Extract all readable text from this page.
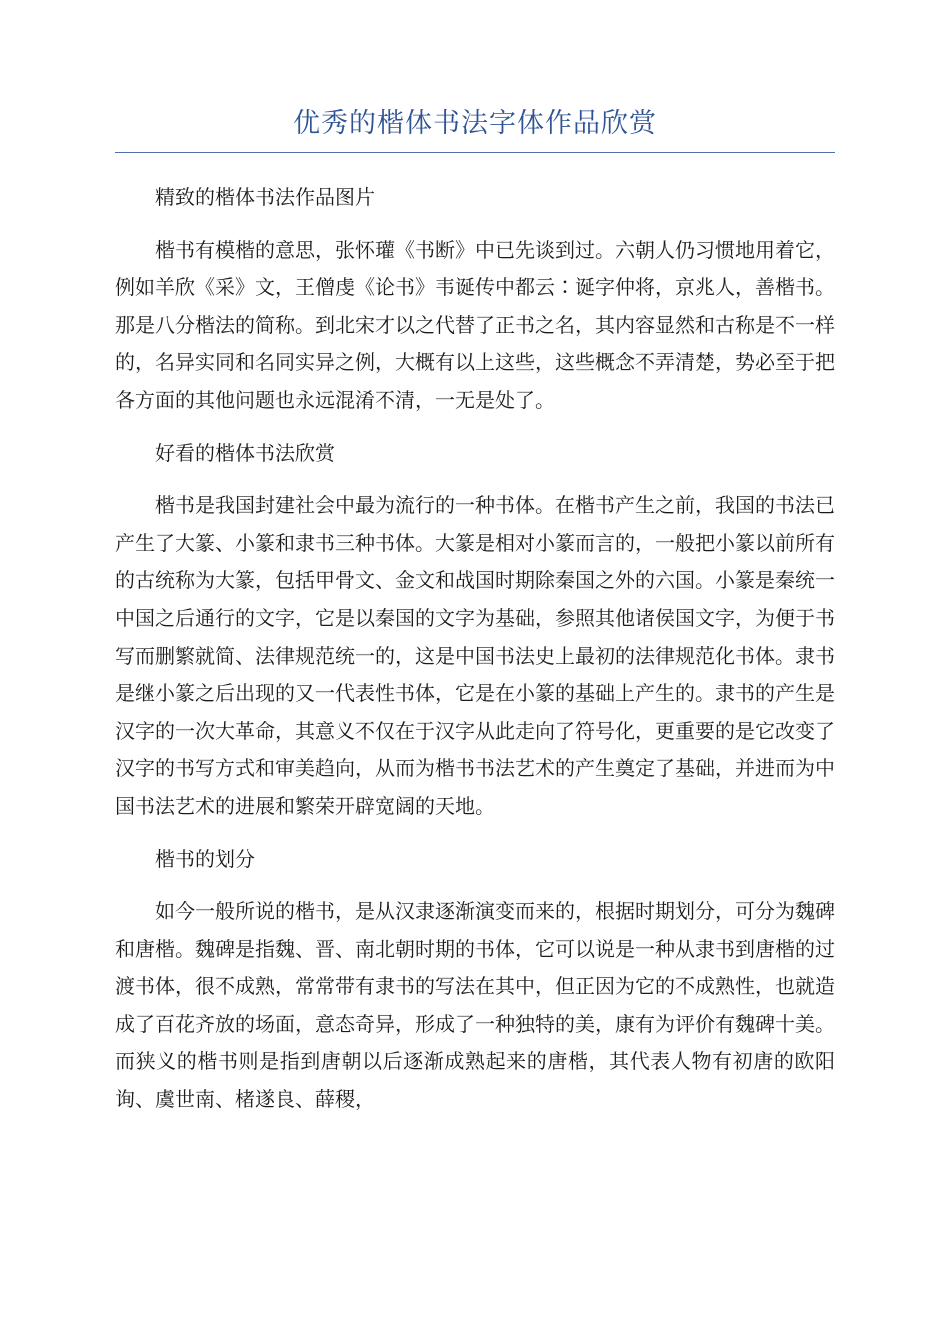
优秀的楷体书法字体作品欣赏

精致的楷体书法作品图片

楷书有模楷的意思，张怀瓘《书断》中已先谈到过。六朝人仍习惯地用着它，例如羊欣《采》文，王僧虔《论书》韦诞传中都云∶诞字仲将，京兆人，善楷书。那是八分楷法的简称。到北宋才以之代替了正书之名，其内容显然和古称是不一样的，名异实同和名同实异之例，大概有以上这些，这些概念不弄清楚，势必至于把各方面的其他问题也永远混淆不清，一无是处了。

好看的楷体书法欣赏

楷书是我国封建社会中最为流行的一种书体。在楷书产生之前，我国的书法已产生了大篆、小篆和隶书三种书体。大篆是相对小篆而言的，一般把小篆以前所有的古统称为大篆，包括甲骨文、金文和战国时期除秦国之外的六国。小篆是秦统一中国之后通行的文字，它是以秦国的文字为基础，参照其他诸侯国文字，为便于书写而删繁就简、法律规范统一的，这是中国书法史上最初的法律规范化书体。隶书是继小篆之后出现的又一代表性书体，它是在小篆的基础上产生的。隶书的产生是汉字的一次大革命，其意义不仅在于汉字从此走向了符号化，更重要的是它改变了汉字的书写方式和审美趋向，从而为楷书书法艺术的产生奠定了基础，并进而为中国书法艺术的进展和繁荣开辟宽阔的天地。

楷书的划分

如今一般所说的楷书，是从汉隶逐渐演变而来的，根据时期划分，可分为魏碑和唐楷。魏碑是指魏、晋、南北朝时期的书体，它可以说是一种从隶书到唐楷的过渡书体，很不成熟，常常带有隶书的写法在其中，但正因为它的不成熟性，也就造成了百花齐放的场面，意态奇异，形成了一种独特的美，康有为评价有魏碑十美。而狭义的楷书则是指到唐朝以后逐渐成熟起来的唐楷，其代表人物有初唐的欧阳询、虞世南、楮遂良、薛稷，
